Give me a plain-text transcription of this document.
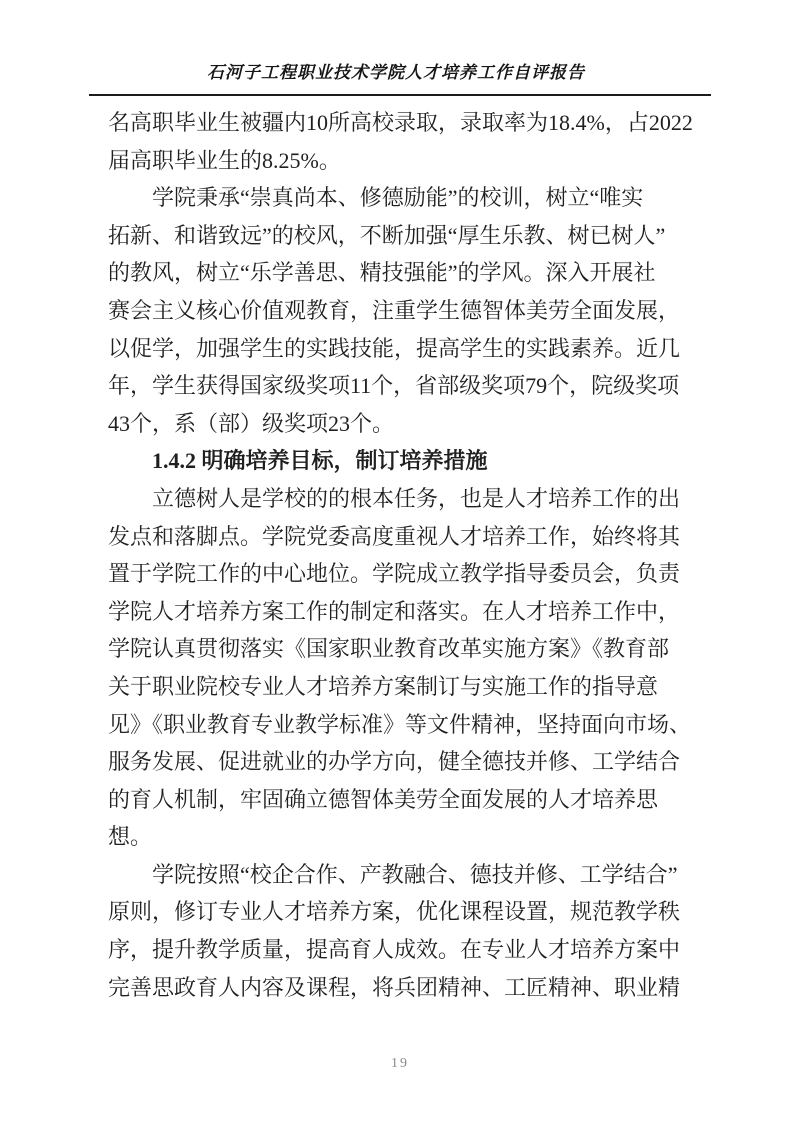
石河子工程职业技术学院人才培养工作自评报告
名高职毕业生被疆内10所高校录取，录取率为18.4%，占2022
届高职毕业生的8.25%。
学院秉承“崇真尚本、修德励能”的校训，树立“唯实
拓新、和谐致远”的校风，不断加强“厚生乐教、树已树人”
的教风，树立“乐学善思、精技强能”的学风。深入开展社
赛会主义核心价值观教育，注重学生德智体美劳全面发展，
以促学，加强学生的实践技能，提高学生的实践素养。近几
年，学生获得国家级奖项11个，省部级奖项79个，院级奖项
43个，系（部）级奖项23个。
1.4.2 明确培养目标，制订培养措施
立德树人是学校的的根本任务，也是人才培养工作的出
发点和落脚点。学院党委高度重视人才培养工作，始终将其
置于学院工作的中心地位。学院成立教学指导委员会，负责
学院人才培养方案工作的制定和落实。在人才培养工作中，
学院认真贯彻落实《国家职业教育改革实施方案》《教育部
关于职业院校专业人才培养方案制订与实施工作的指导意
见》《职业教育专业教学标准》等文件精神，坚持面向市场、
服务发展、促进就业的办学方向，健全德技并修、工学结合
的育人机制，牢固确立德智体美劳全面发展的人才培养思
想。
学院按照“校企合作、产教融合、德技并修、工学结合”
原则，修订专业人才培养方案，优化课程设置，规范教学秩
序，提升教学质量，提高育人成效。在专业人才培养方案中
完善思政育人内容及课程，将兵团精神、工匠精神、职业精
19
